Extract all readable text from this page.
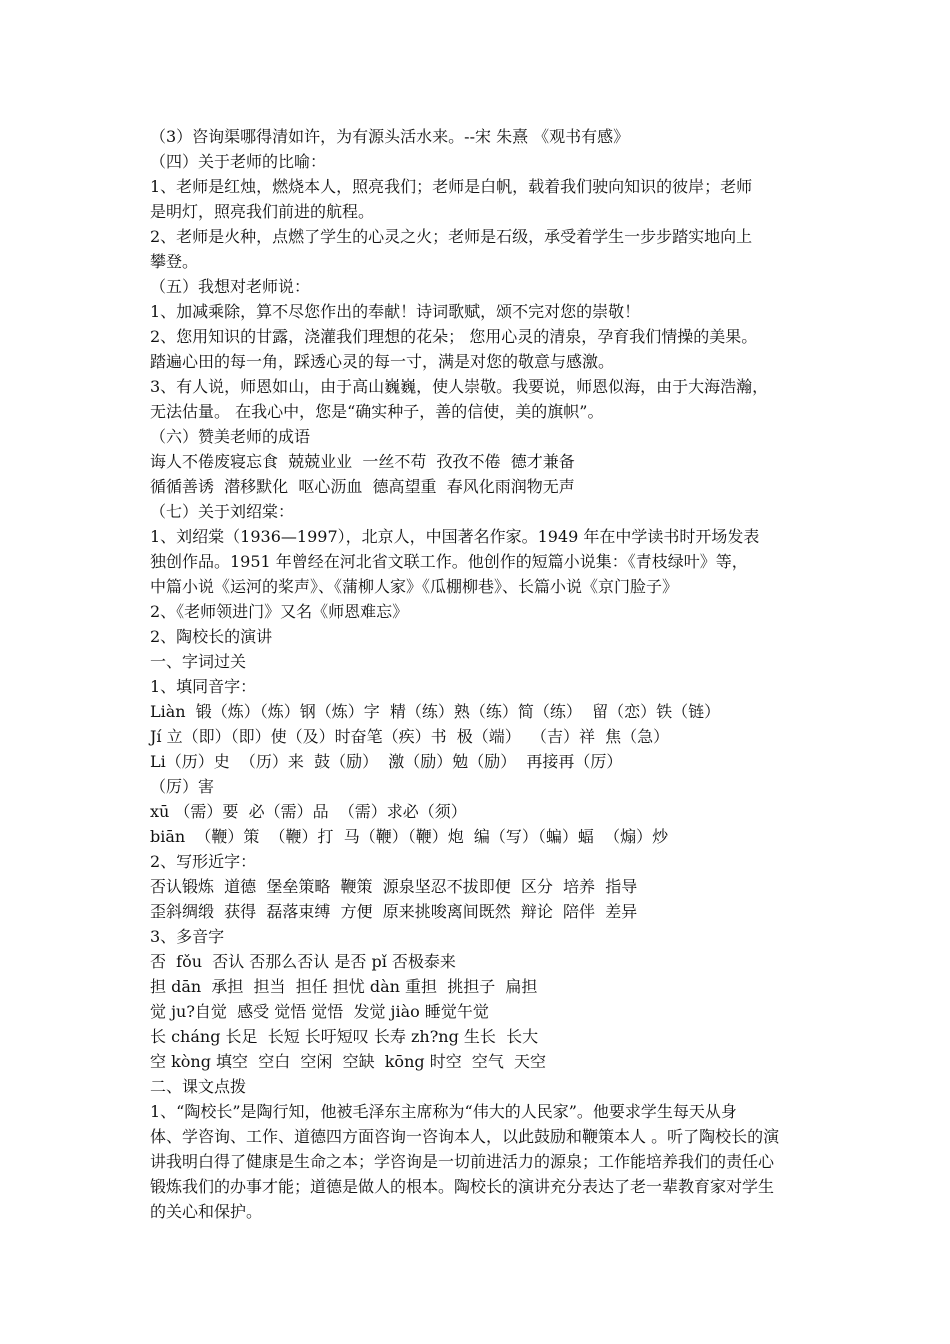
（3）咨询渠哪得清如许，为有源头活水来。--宋 朱熹 《观书有感》
（四）关于老师的比喻：
1、老师是红烛，燃烧本人，照亮我们；老师是白帆，载着我们驶向知识的彼岸；老师
是明灯，照亮我们前进的航程。
2、老师是火种，点燃了学生的心灵之火；老师是石级，承受着学生一步步踏实地向上
攀登。
（五）我想对老师说：
1、加减乘除，算不尽您作出的奉献！诗词歌赋，颂不完对您的崇敬！
2、您用知识的甘露，浇灌我们理想的花朵； 您用心灵的清泉，孕育我们情操的美果。
踏遍心田的每一角，踩透心灵的每一寸，满是对您的敬意与感激。
3、有人说，师恩如山，由于高山巍巍，使人崇敬。我要说，师恩似海，由于大海浩瀚，
无法估量。 在我心中，您是“确实种子，善的信使，美的旗帜”。
（六）赞美老师的成语
诲人不倦废寝忘食  兢兢业业  一丝不苟  孜孜不倦  德才兼备
循循善诱  潜移默化  呕心沥血  德高望重  春风化雨润物无声
（七）关于刘绍棠：
1、刘绍棠（1936—1997），北京人，中国著名作家。1949 年在中学读书时开场发表
独创作品。1951 年曾经在河北省文联工作。他创作的短篇小说集：《青枝绿叶》等，
中篇小说《运河的桨声》、《蒲柳人家》《瓜棚柳巷》、长篇小说《京门脸子》
2、《老师领进门》又名《师恩难忘》
2、陶校长的演讲
一、字词过关
1、填同音字：
Liàn  锻（炼）（炼）钢（炼）字  精（练）熟（练）简（练）  留（恋）铁（链）
Jí 立（即）（即）使（及）时奋笔（疾）书  极（端）  （吉）祥  焦（急）
Li（历）史  （历）来  鼓（励）  激（励）勉（励）  再接再（厉）
（厉）害
xū （需）要  必（需）品  （需）求必（须）
biān  （鞭）策  （鞭）打  马（鞭）（鞭）炮  编（写）（蝙）蝠  （煽）炒
2、写形近字：
否认锻炼  道德  堡垒策略  鞭策  源泉坚忍不拔即便  区分  培养  指导
歪斜绸缎  获得  磊落束缚  方便  原来挑唆离间既然  辩论  陪伴  差异
3、多音字
否  fǒu  否认 否那么否认 是否 pǐ 否极泰来
担 dān  承担  担当  担任 担忧 dàn 重担  挑担子  扁担
觉 ju?自觉  感受 觉悟 觉悟  发觉 jiào 睡觉午觉
长 cháng 长足  长短 长吁短叹 长寿 zh?ng 生长  长大
空 kòng 填空  空白  空闲  空缺  kōng 时空  空气  天空
二、课文点拨
1、“陶校长”是陶行知，他被毛泽东主席称为“伟大的人民家”。他要求学生每天从身
体、学咨询、工作、道德四方面咨询一咨询本人，以此鼓励和鞭策本人 。听了陶校长的演
讲我明白得了健康是生命之本；学咨询是一切前进活力的源泉；工作能培养我们的责任心
锻炼我们的办事才能；道德是做人的根本。陶校长的演讲充分表达了老一辈教育家对学生
的关心和保护。
